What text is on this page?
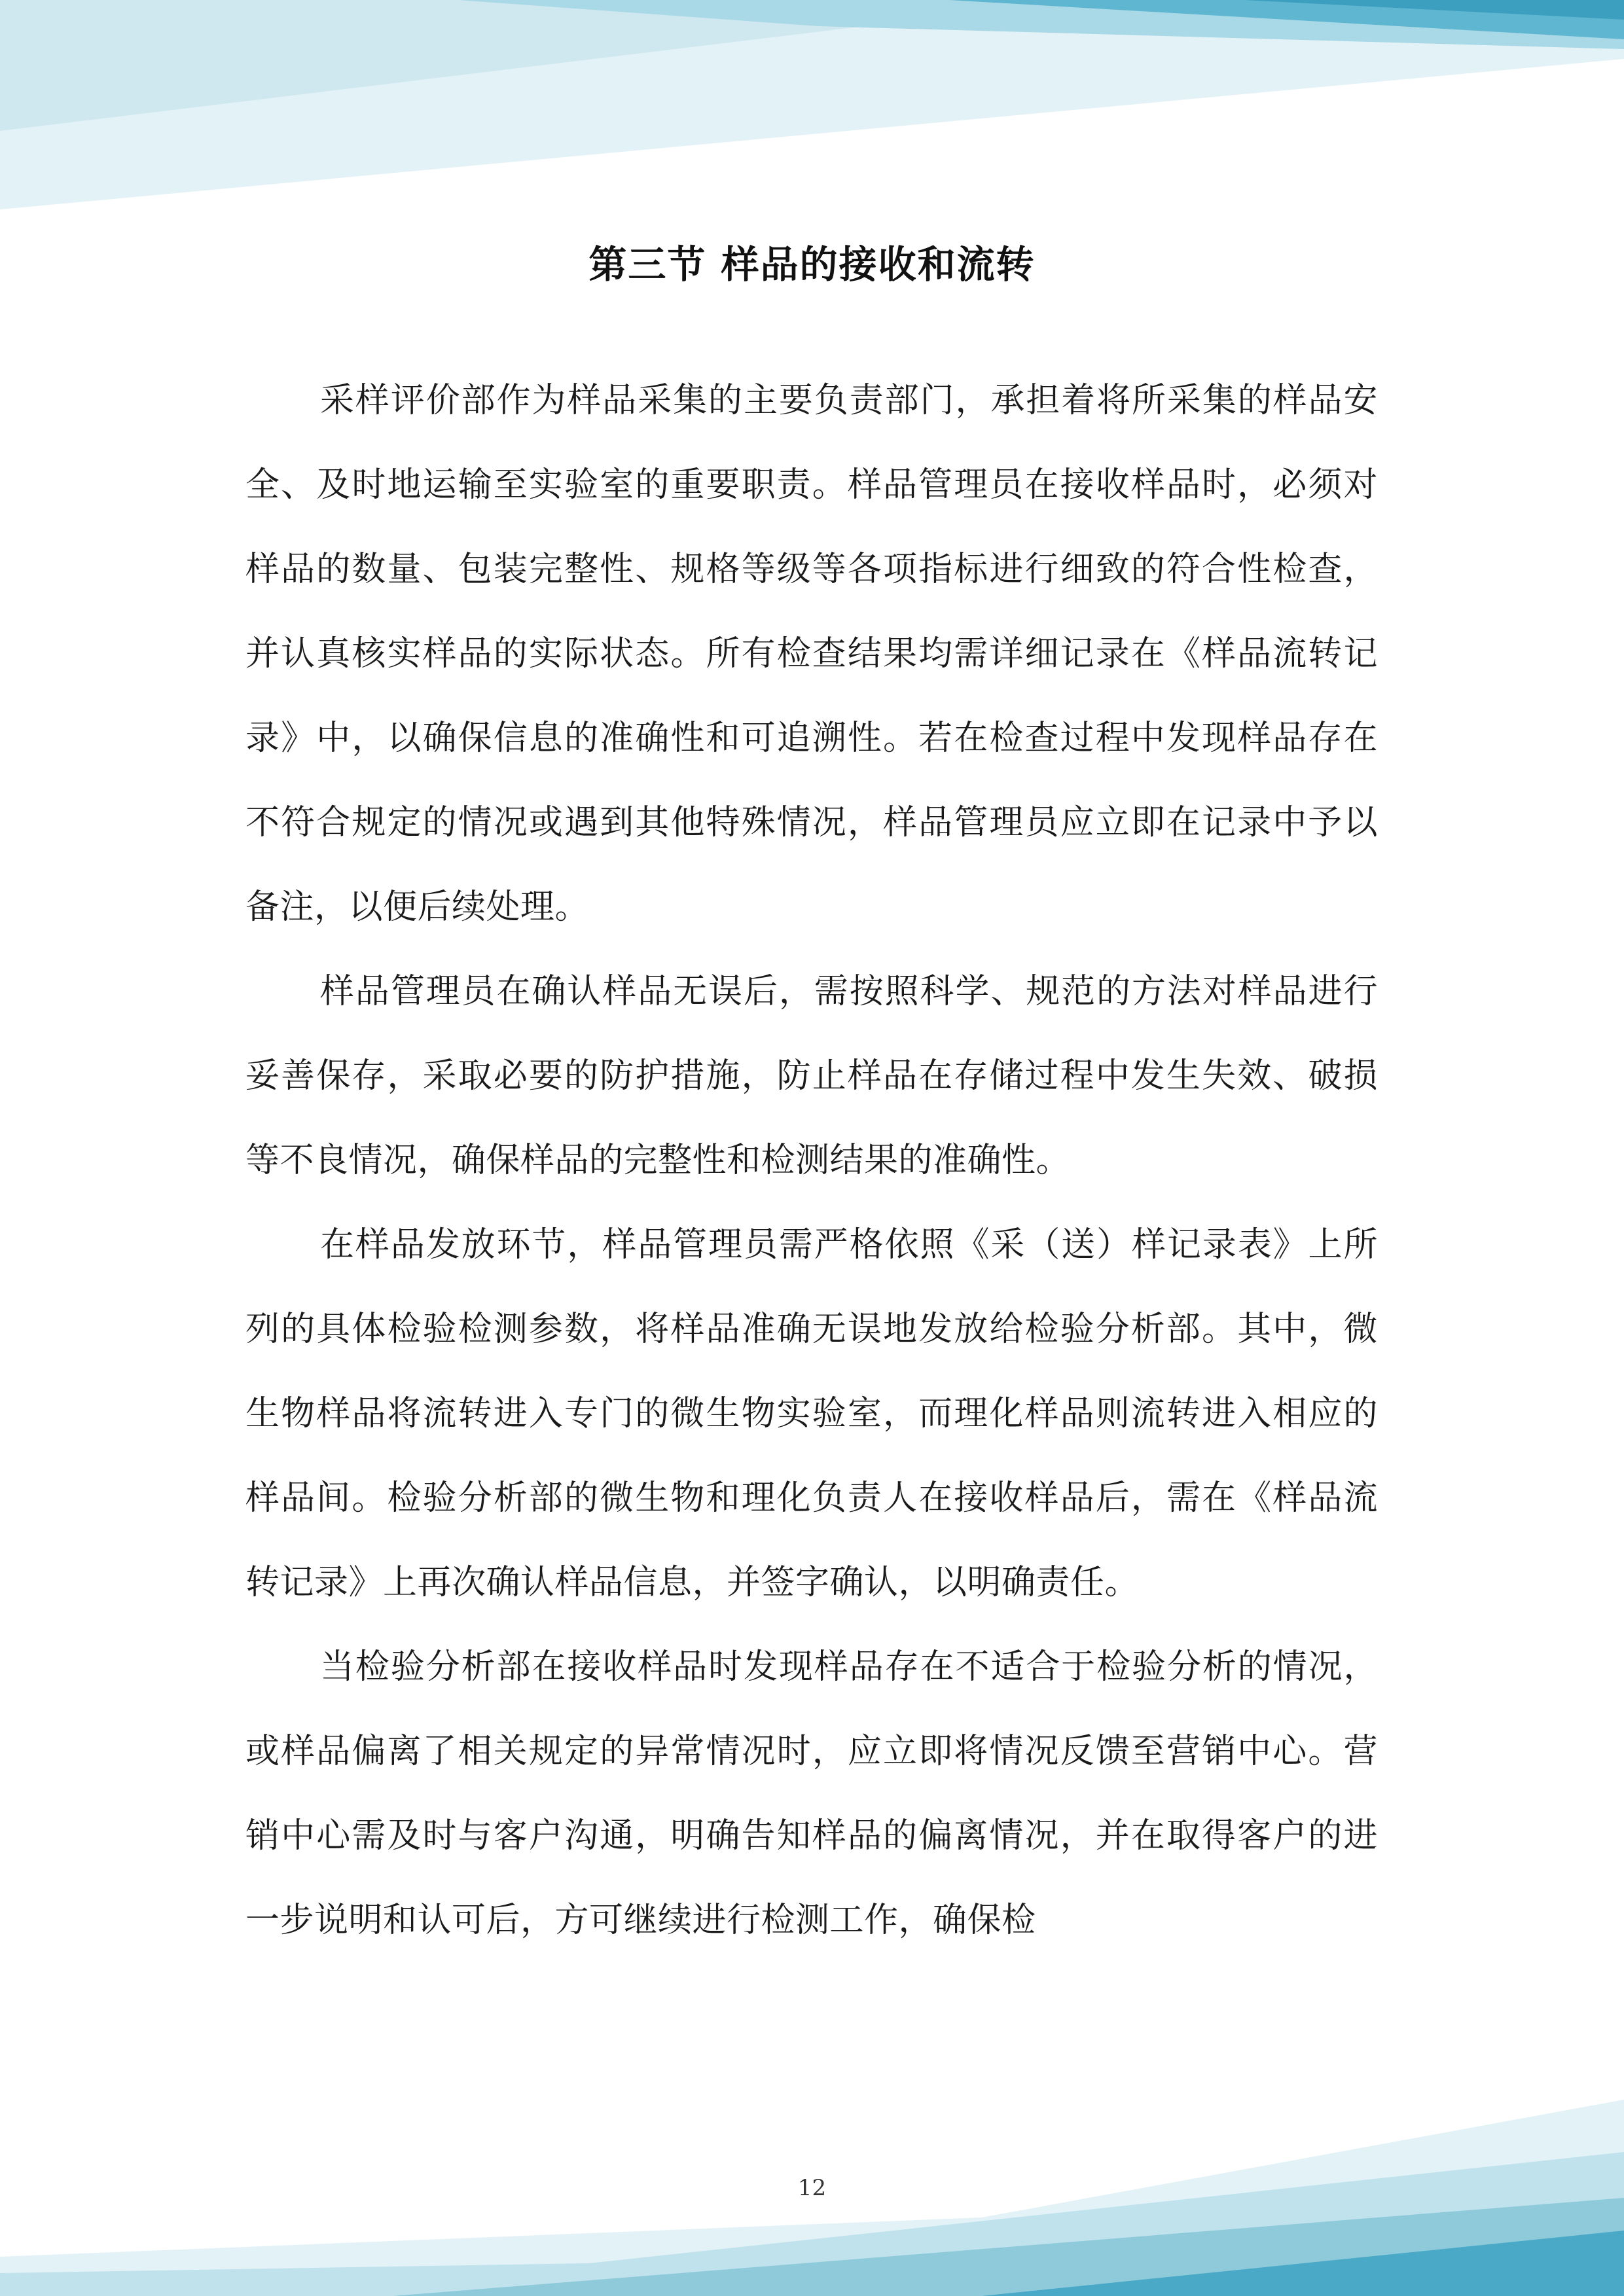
第三节 样品的接收和流转

采样评价部作为样品采集的主要负责部门，承担着将所采集的样品安全、及时地运输至实验室的重要职责。样品管理员在接收样品时，必须对样品的数量、包装完整性、规格等级等各项指标进行细致的符合性检查，并认真核实样品的实际状态。所有检查结果均需详细记录在《样品流转记录》中，以确保信息的准确性和可追溯性。若在检查过程中发现样品存在不符合规定的情况或遇到其他特殊情况，样品管理员应立即在记录中予以备注，以便后续处理。

样品管理员在确认样品无误后，需按照科学、规范的方法对样品进行妥善保存，采取必要的防护措施，防止样品在存储过程中发生失效、破损等不良情况，确保样品的完整性和检测结果的准确性。

在样品发放环节，样品管理员需严格依照《采（送）样记录表》上所列的具体检验检测参数，将样品准确无误地发放给检验分析部。其中，微生物样品将流转进入专门的微生物实验室，而理化样品则流转进入相应的样品间。检验分析部的微生物和理化负责人在接收样品后，需在《样品流转记录》上再次确认样品信息，并签字确认，以明确责任。

当检验分析部在接收样品时发现样品存在不适合于检验分析的情况，或样品偏离了相关规定的异常情况时，应立即将情况反馈至营销中心。营销中心需及时与客户沟通，明确告知样品的偏离情况，并在取得客户的进一步说明和认可后，方可继续进行检测工作，确保检

12
